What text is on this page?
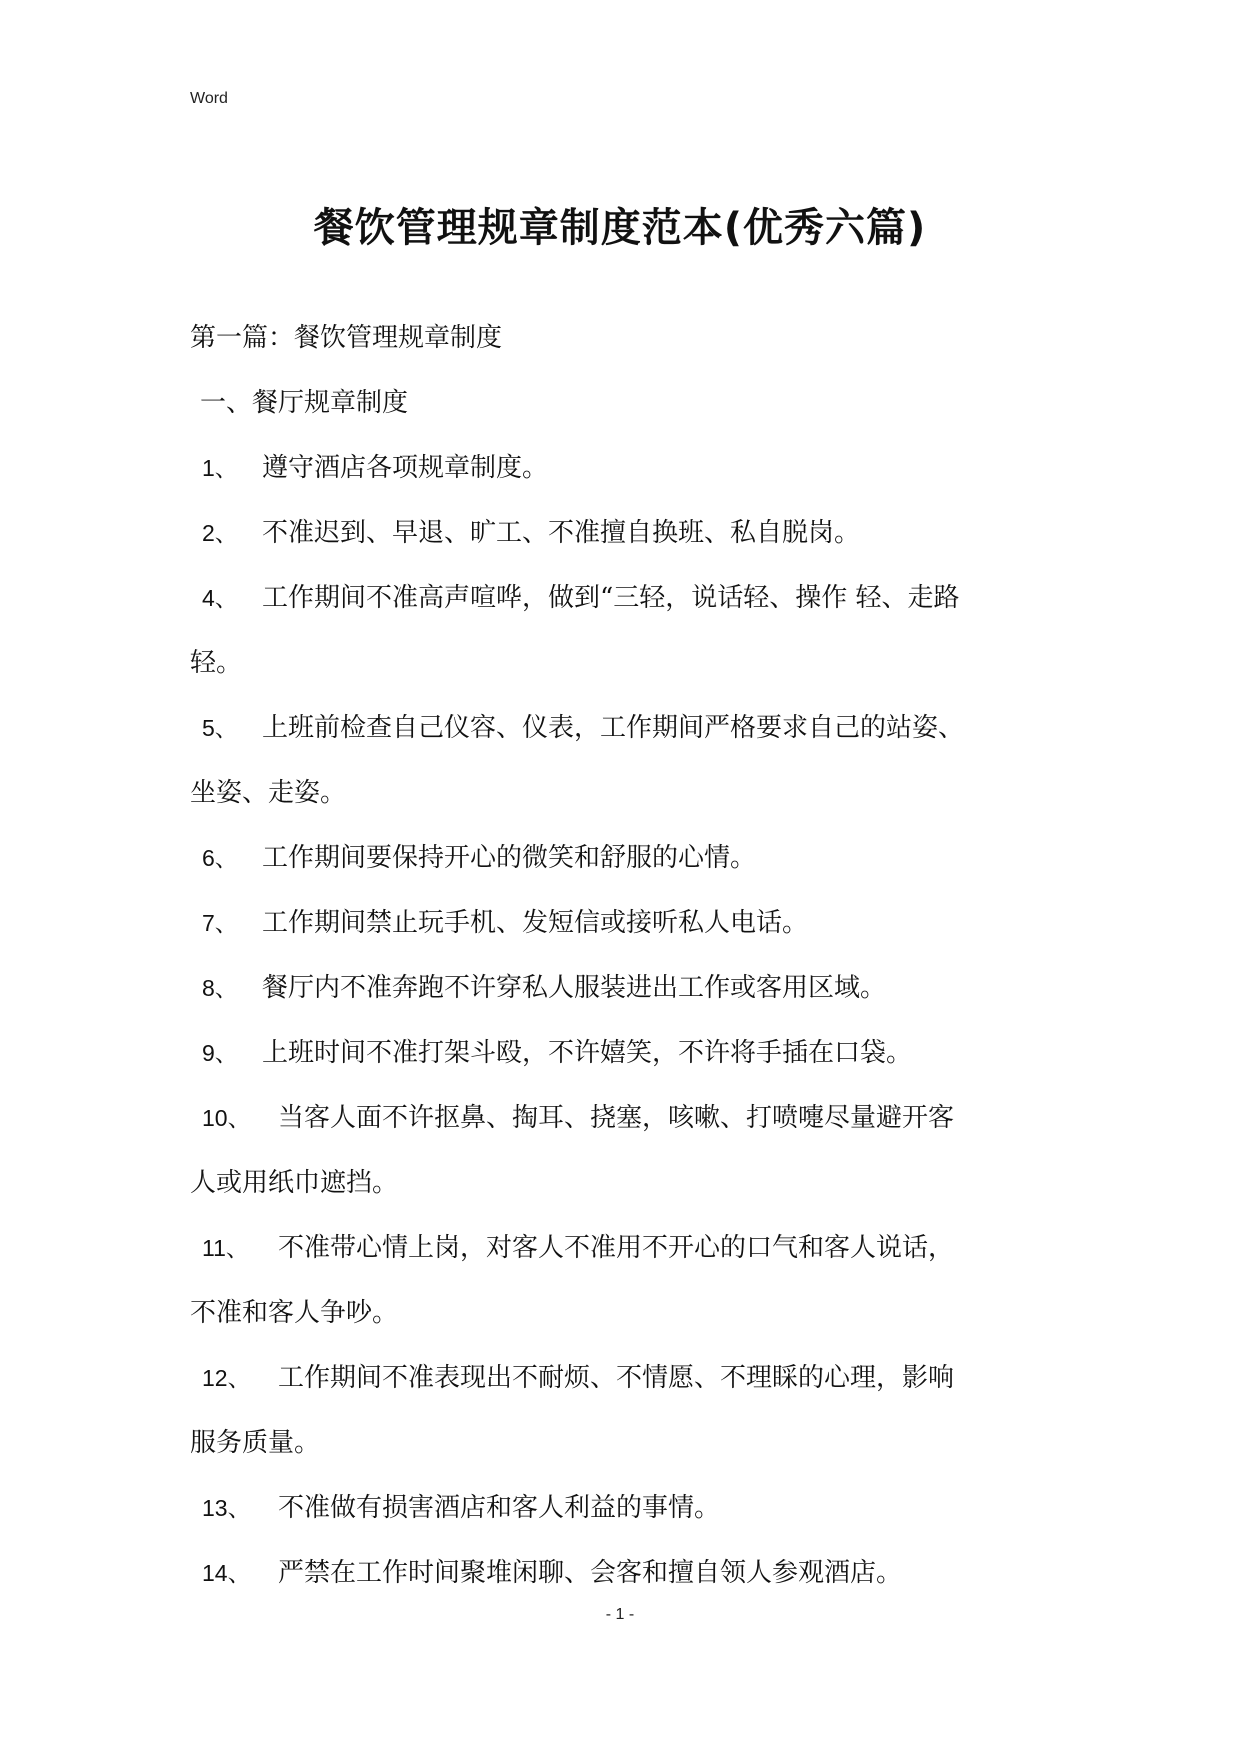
Word
餐饮管理规章制度范本(优秀六篇)
第一篇：餐饮管理规章制度
一、餐厅规章制度
1、 遵守酒店各项规章制度。
2、 不准迟到、早退、旷工、不准擅自换班、私自脱岗。
4、 工作期间不准高声喧哗，做到“三轻，说话轻、操作 轻、走路
轻。
5、 上班前检查自己仪容、仪表，工作期间严格要求自己的站姿、
坐姿、走姿。
6、 工作期间要保持开心的微笑和舒服的心情。
7、 工作期间禁止玩手机、发短信或接听私人电话。
8、 餐厅内不准奔跑不许穿私人服装进出工作或客用区域。
9、 上班时间不准打架斗殴，不许嬉笑，不许将手插在口袋。
10、 当客人面不许抠鼻、掏耳、挠塞，咳嗽、打喷嚏尽量避开客
人或用纸巾遮挡。
11、 不准带心情上岗，对客人不准用不开心的口气和客人说话，
不准和客人争吵。
12、 工作期间不准表现出不耐烦、不情愿、不理睬的心理，影响
服务质量。
13、 不准做有损害酒店和客人利益的事情。
14、 严禁在工作时间聚堆闲聊、会客和擅自领人参观酒店。
- 1 -
